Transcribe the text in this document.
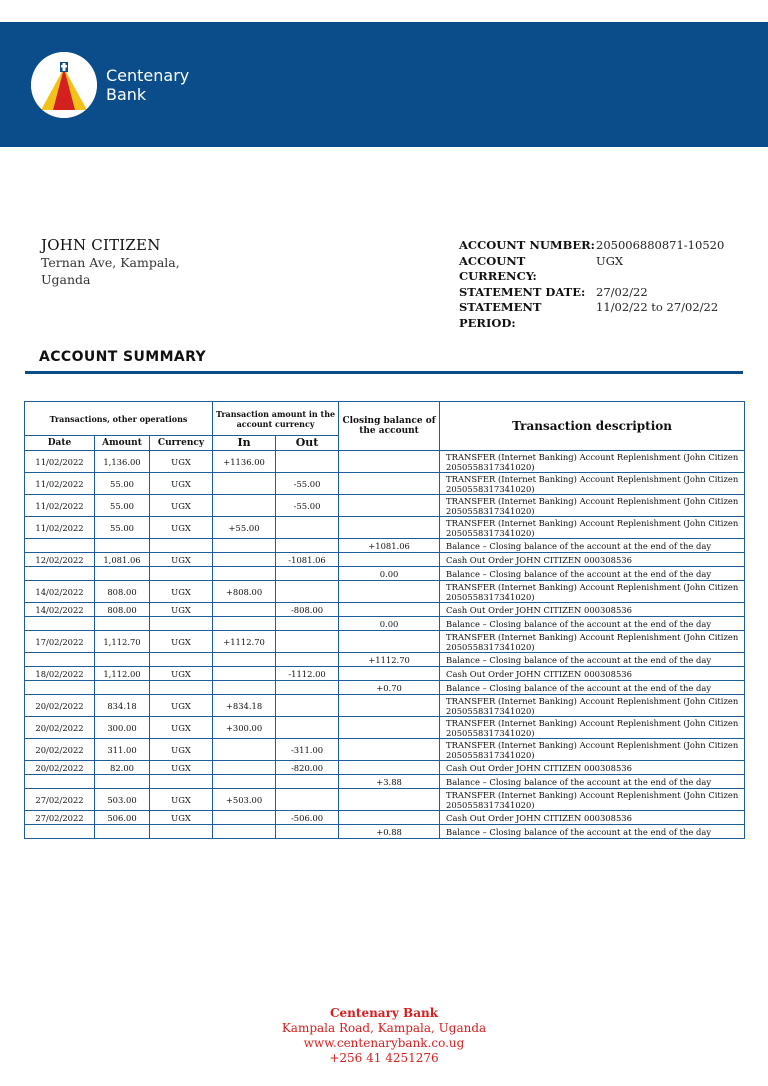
Centenary
Bank
JOHN CITIZEN
Ternan Ave, Kampala,
Uganda
ACCOUNT NUMBER: 205006880871-10520
ACCOUNT CURRENCY:
UGX
STATEMENT DATE: 27/02/22
STATEMENT PERIOD:
11/02/22 to 27/02/22
ACCOUNT SUMMARY
Transactions, other operations			Transaction amount in the account currency		Closing balance of the account	Transaction description
Date	Amount	Currency	In	Out		
11/02/2022	1,136.00	UGX	+1136.00			TRANSFER (Internet Banking) Account Replenishment (John Citizen 2050558317341020)
11/02/2022	55.00	UGX		-55.00		TRANSFER (Internet Banking) Account Replenishment (John Citizen 2050558317341020)
11/02/2022	55.00	UGX		-55.00		TRANSFER (Internet Banking) Account Replenishment (John Citizen 2050558317341020)
11/02/2022	55.00	UGX	+55.00			TRANSFER (Internet Banking) Account Replenishment (John Citizen 2050558317341020)
					+1081.06	Balance – Closing balance of the account at the end of the day
12/02/2022	1,081.06	UGX		-1081.06		Cash Out Order JOHN CITIZEN 000308536
					0.00	Balance – Closing balance of the account at the end of the day
14/02/2022	808.00	UGX	+808.00			TRANSFER (Internet Banking) Account Replenishment (John Citizen 2050558317341020)
14/02/2022	808.00	UGX		-808.00		Cash Out Order JOHN CITIZEN 000308536
					0.00	Balance – Closing balance of the account at the end of the day
17/02/2022	1,112.70	UGX	+1112.70			TRANSFER (Internet Banking) Account Replenishment (John Citizen 2050558317341020)
					+1112.70	Balance – Closing balance of the account at the end of the day
18/02/2022	1,112.00	UGX		-1112.00		Cash Out Order JOHN CITIZEN 000308536
					+0.70	Balance – Closing balance of the account at the end of the day
20/02/2022	834.18	UGX	+834.18			TRANSFER (Internet Banking) Account Replenishment (John Citizen 2050558317341020)
20/02/2022	300.00	UGX	+300.00			TRANSFER (Internet Banking) Account Replenishment (John Citizen 2050558317341020)
20/02/2022	311.00	UGX		-311.00		TRANSFER (Internet Banking) Account Replenishment (John Citizen 2050558317341020)
20/02/2022	82.00	UGX		-820.00		Cash Out Order JOHN CITIZEN 000308536
					+3.88	Balance – Closing balance of the account at the end of the day
27/02/2022	503.00	UGX	+503.00			TRANSFER (Internet Banking) Account Replenishment (John Citizen 2050558317341020)
27/02/2022	506.00	UGX		-506.00		Cash Out Order JOHN CITIZEN 000308536
					+0.88	Balance – Closing balance of the account at the end of the day
Centenary Bank
Kampala Road, Kampala, Uganda
www.centenarybank.co.ug
+256 41 4251276
